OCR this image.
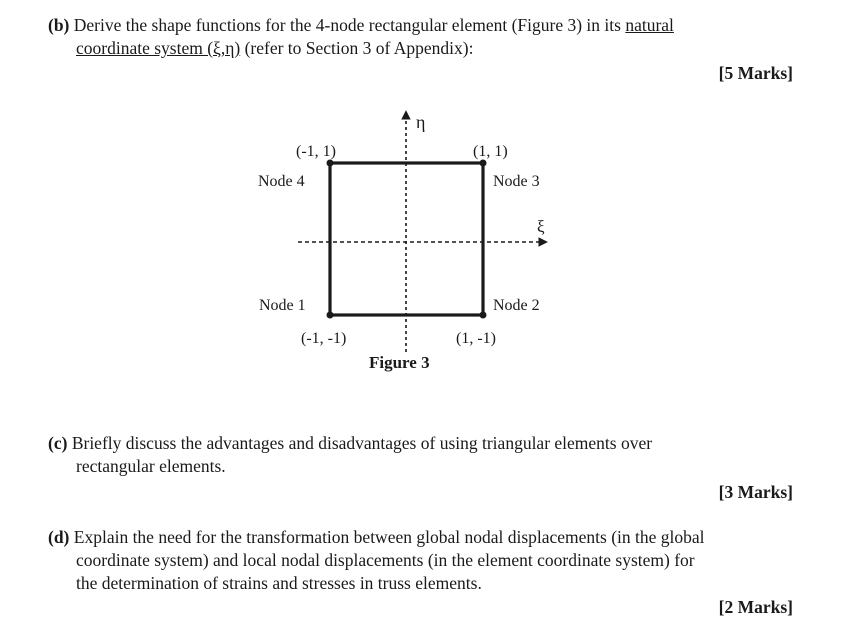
(b) Derive the shape functions for the 4-node rectangular element (Figure 3) in its natural
coordinate system (ξ,η) (refer to Section 3 of Appendix):
[5 Marks]
η
ξ
(-1, 1)	(1, 1)
(-1, -1)	(1, -1)
Node 4	Node 3
Node 1	Node 2
Figure 3
(c) Briefly discuss the advantages and disadvantages of using triangular elements over
rectangular elements.
[3 Marks]
(d) Explain the need for the transformation between global nodal displacements (in the global
coordinate system) and local nodal displacements (in the element coordinate system) for
the determination of strains and stresses in truss elements.
[2 Marks]
